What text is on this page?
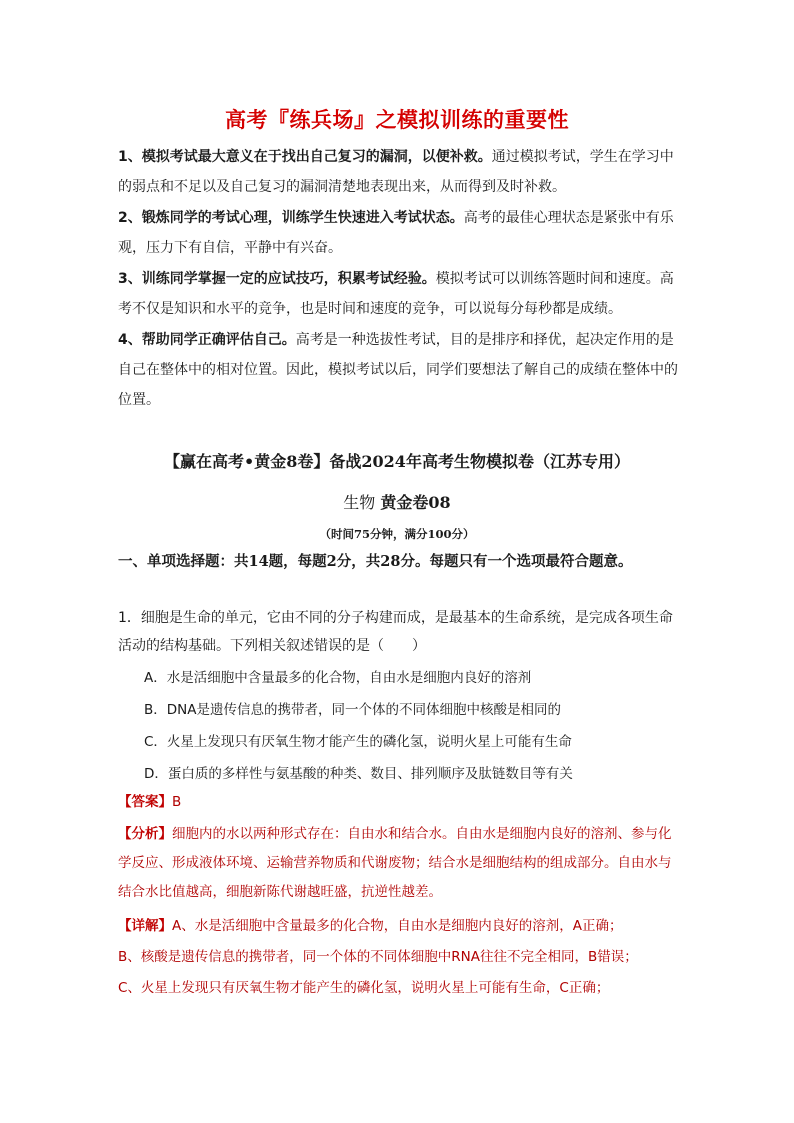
高考『练兵场』之模拟训练的重要性
1、模拟考试最大意义在于找出自己复习的漏洞，以便补救。通过模拟考试，学生在学习中的弱点和不足以及自己复习的漏洞清楚地表现出来，从而得到及时补救。
2、锻炼同学的考试心理，训练学生快速进入考试状态。高考的最佳心理状态是紧张中有乐观，压力下有自信，平静中有兴奋。
3、训练同学掌握一定的应试技巧，积累考试经验。模拟考试可以训练答题时间和速度。高考不仅是知识和水平的竞争，也是时间和速度的竞争，可以说每分每秒都是成绩。
4、帮助同学正确评估自己。高考是一种选拔性考试，目的是排序和择优，起决定作用的是自己在整体中的相对位置。因此，模拟考试以后，同学们要想法了解自己的成绩在整体中的位置。
【赢在高考•黄金8卷】备战2024年高考生物模拟卷（江苏专用）
生物 黄金卷08
（时间75分钟，满分100分）
一、单项选择题：共14题，每题2分，共28分。每题只有一个选项最符合题意。
1．细胞是生命的单元，它由不同的分子构建而成，是最基本的生命系统，是完成各项生命活动的结构基础。下列相关叙述错误的是（　　）
A．水是活细胞中含量最多的化合物，自由水是细胞内良好的溶剂
B．DNA是遗传信息的携带者，同一个体的不同体细胞中核酸是相同的
C．火星上发现只有厌氧生物才能产生的磷化氢，说明火星上可能有生命
D．蛋白质的多样性与氨基酸的种类、数目、排列顺序及肽链数目等有关
【答案】B
【分析】细胞内的水以两种形式存在：自由水和结合水。自由水是细胞内良好的溶剂、参与化学反应、形成液体环境、运输营养物质和代谢废物；结合水是细胞结构的组成部分。自由水与结合水比值越高，细胞新陈代谢越旺盛，抗逆性越差。
【详解】A、水是活细胞中含量最多的化合物，自由水是细胞内良好的溶剂，A正确；
B、核酸是遗传信息的携带者，同一个体的不同体细胞中RNA往往不完全相同，B错误；
C、火星上发现只有厌氧生物才能产生的磷化氢，说明火星上可能有生命，C正确；
